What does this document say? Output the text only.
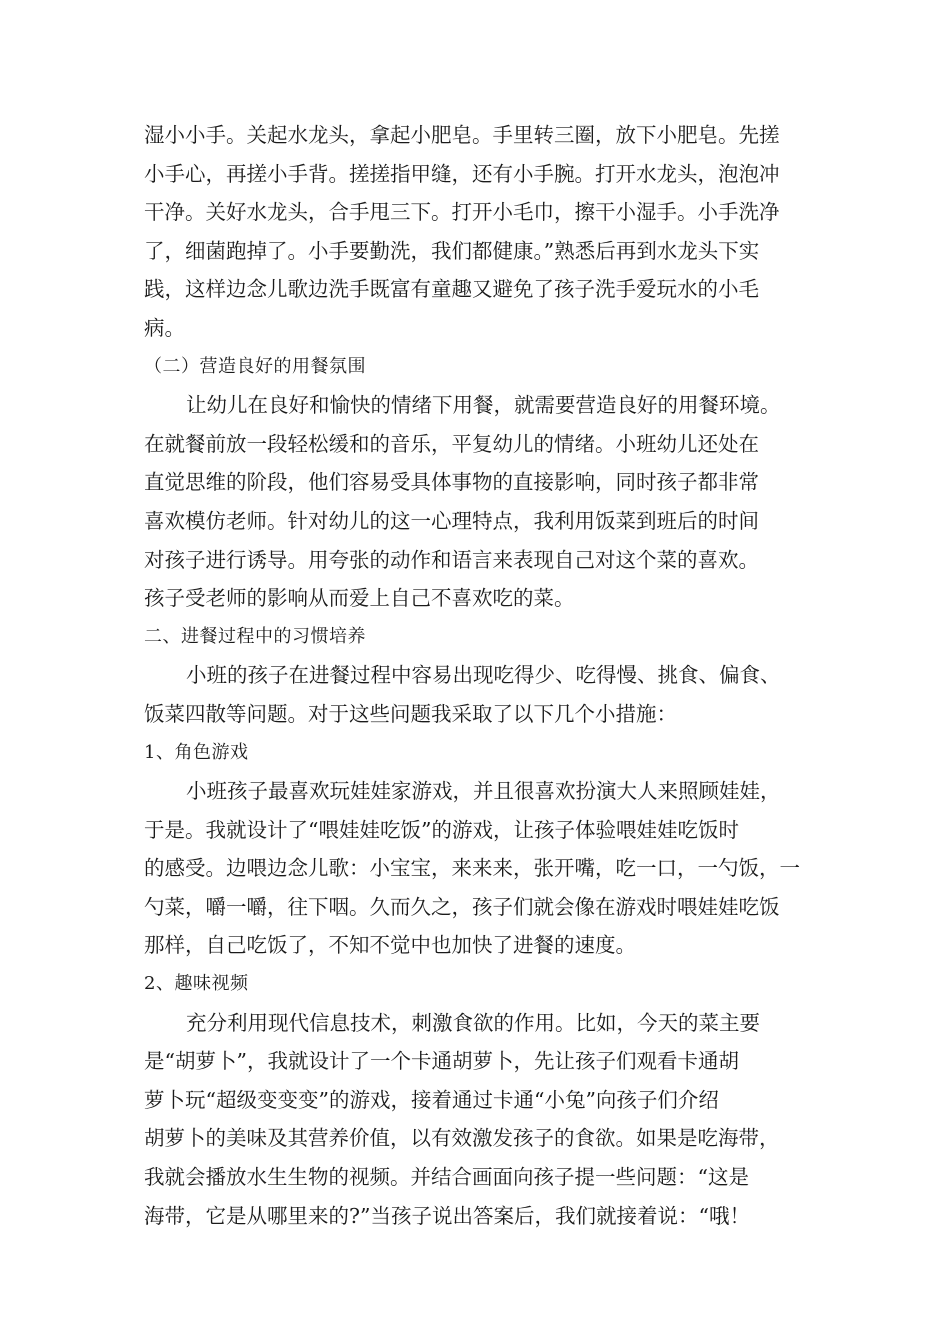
湿小小手。关起水龙头，拿起小肥皂。手里转三圈，放下小肥皂。先搓
小手心，再搓小手背。搓搓指甲缝，还有小手腕。打开水龙头，泡泡冲
干净。关好水龙头，合手甩三下。打开小毛巾，擦干小湿手。小手洗净
了，细菌跑掉了。小手要勤洗，我们都健康。”熟悉后再到水龙头下实
践，这样边念儿歌边洗手既富有童趣又避免了孩子洗手爱玩水的小毛
病。
（二）营造良好的用餐氛围
让幼儿在良好和愉快的情绪下用餐，就需要营造良好的用餐环境。
在就餐前放一段轻松缓和的音乐，平复幼儿的情绪。小班幼儿还处在
直觉思维的阶段，他们容易受具体事物的直接影响，同时孩子都非常
喜欢模仿老师。针对幼儿的这一心理特点，我利用饭菜到班后的时间
对孩子进行诱导。用夸张的动作和语言来表现自己对这个菜的喜欢。
孩子受老师的影响从而爱上自己不喜欢吃的菜。
二、进餐过程中的习惯培养
小班的孩子在进餐过程中容易出现吃得少、吃得慢、挑食、偏食、
饭菜四散等问题。对于这些问题我采取了以下几个小措施：
1、角色游戏
小班孩子最喜欢玩娃娃家游戏，并且很喜欢扮演大人来照顾娃娃，
于是。我就设计了“喂娃娃吃饭”的游戏，让孩子体验喂娃娃吃饭时
的感受。边喂边念儿歌：小宝宝，来来来，张开嘴，吃一口，一勺饭，一
勺菜，嚼一嚼，往下咽。久而久之，孩子们就会像在游戏时喂娃娃吃饭
那样，自己吃饭了，不知不觉中也加快了进餐的速度。
2、趣味视频
充分利用现代信息技术，刺激食欲的作用。比如，今天的菜主要
是“胡萝卜”，我就设计了一个卡通胡萝卜，先让孩子们观看卡通胡
萝卜玩“超级变变变”的游戏，接着通过卡通“小兔”向孩子们介绍
胡萝卜的美味及其营养价值，以有效激发孩子的食欲。如果是吃海带，
我就会播放水生生物的视频。并结合画面向孩子提一些问题：“这是
海带，它是从哪里来的?”当孩子说出答案后，我们就接着说：“哦！
